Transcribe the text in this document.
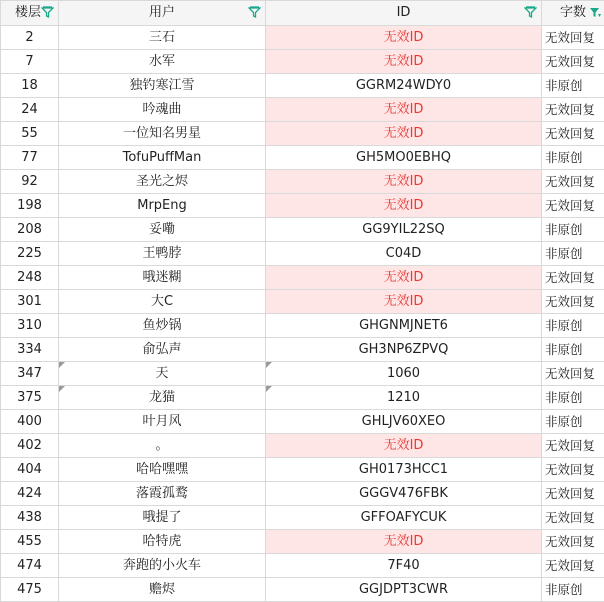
楼层	用户	ID	字数

2	三石	无效ID	无效回复
7	水军	无效ID	无效回复
18	独钓寒江雪	GGRM24WDY0	非原创
24	吟魂曲	无效ID	无效回复
55	一位知名男星	无效ID	无效回复
77	TofuPuffMan	GH5MO0EBHQ	非原创
92	圣光之烬	无效ID	无效回复
198	MrpEng	无效ID	无效回复
208	妥嘞	GG9YIL22SQ	非原创
225	王鸭脖	C04D	非原创
248	哦迷糊	无效ID	无效回复
301	大C	无效ID	无效回复
310	鱼炒锅	GHGNMJNET6	非原创
334	俞弘声	GH3NP6ZPVQ	非原创
347	天	1060	无效回复
375	龙猫	1210	非原创
400	叶月风	GHLJV60XEO	非原创
402	。	无效ID	无效回复
404	哈哈嘿嘿	GH0173HCC1	无效回复
424	落霞孤鹜	GGGV476FBK	无效回复
438	哦提了	GFFOAFYCUK	无效回复
455	哈特虎	无效ID	无效回复
474	奔跑的小火车	7F40	无效回复
475	赡烬	GGJDPT3CWR	非原创
